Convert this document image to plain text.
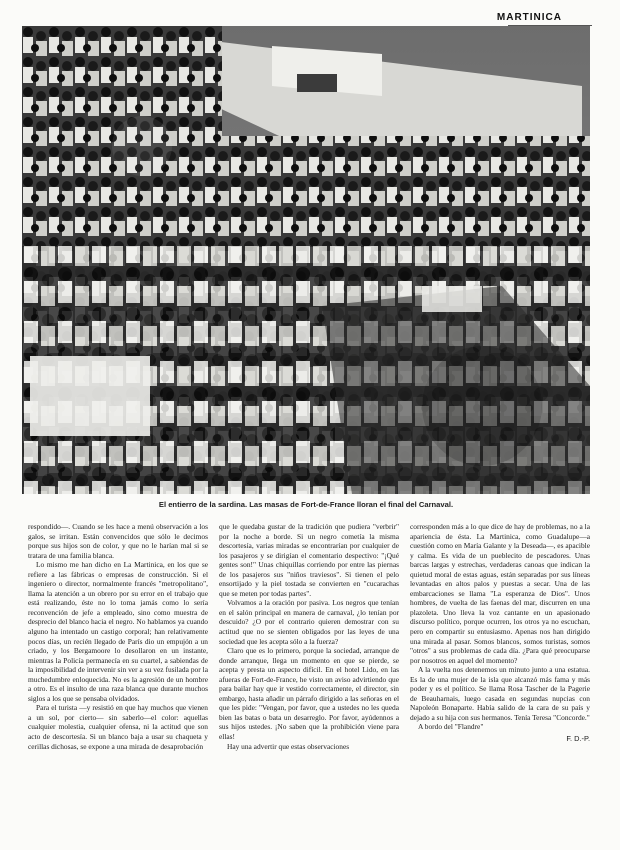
MARTINICA
El entierro de la sardina. Las masas de Fort-de-France lloran el final del Carnaval.

respondido—. Cuando se les hace a menú observación a los galos, se irritan. Están convencidos que sólo le decimos porque sus hijos son de color, y que no le harían mal si se tratara de una familia blanca.

Lo mismo me han dicho en La Martinica, en los que se refiere a las fábricas o empresas de construcción. Si el ingeniero o director, normalmente francés "metropolitano", llama la atención a un obrero por su error en el trabajo que está realizando, éste no lo toma jamás como lo sería reconvención de jefe a empleado, sino como muestra de desprecio del blanco hacia el negro. No hablamos ya cuando alguno ha intentado un castigo corporal; han relativamente pocos días, un recién llegado de París dio un empujón a un criado, y los Bergamoore lo desollaron en un instante, mientras la Policía permanecía en su cuartel, a sabiendas de la imposibilidad de intervenir sin ver a su vez fusilada por la muchedumbre enloquecida. No es la agresión de un hombre a otro. Es el insulto de una raza blanca que durante muchos siglos a los que se pensaba olvidados.

Para el turista —y resistió en que hay muchos que vienen a un sol, por cierto— sin saberlo—el color: aquellas cualquier molestia, cualquier ofensa, ni la actitud que son acto de descortesía. Si un blanco baja a usar su chaqueta y cerillas dichosas, se expone a una mirada de desaprobación

que le quedaba gustar de la tradición que pudiera "verbrir" por la noche a borde. Si un negro cometía la misma descortesía, varias miradas se encontrarían por cualquier de los pasajeros y se dirigían el comentario despectivo: "¡Qué gentes son!" Unas chiquillas corriendo por entre las piernas de los pasajeros sus "niños traviesos". Si tienen el pelo ensortijado y la piel tostada se convierten en "cucarachas que se meten por todas partes".

Volvamos a la oración por pasiva. Los negros que tenían en el salón principal en manera de carnaval, ¿lo tenían por descuido? ¿O por el contrario quieren demostrar con su actitud que no se sienten obligados por las leyes de una sociedad que les acepta sólo a la fuerza?

Claro que es lo primero, porque la sociedad, arranque de donde arranque, llega un momento en que se pierde, se acepta y presta un aspecto difícil. En el hotel Lido, en las afueras de Fort-de-France, he visto un aviso advirtiendo que para bailar hay que ir vestido correctamente, el director, sin embargo, hasta añadir un párrafo dirigido a las señoras en el que les pide: "Vengan, por favor, que a ustedes no les queda bien las batas o bata un desarreglo. Por favor, ayúdennos a sus hijos ustedes. ¡No saben que la prohibición viene para ellas!

Hay una advertir que estas observaciones

corresponden más a lo que dice de hay de problemas, no a la apariencia de ésta. La Martinica, como Guadalupe—a cuestión como en María Galante y la Deseada—, es apacible y calma. Es vida de un pueblecito de pescadores. Unas barcas largas y estrechas, verdaderas canoas que indican la quietud moral de estas aguas, están separadas por sus líneas levantadas en altos palos y puestas a secar. Una de las embarcaciones se llama "La esperanza de Dios". Unos hombres, de vuelta de las faenas del mar, discurren en una plazoleta. Uno lleva la voz cantante en un apasionado discurso político, porque ocurren, los otros ya no escuchan, pero en compartir su entusiasmo. Apenas nos han dirigido una mirada al pasar. Somos blancos, somos turistas, somos "otros" a sus problemas de cada día. ¿Para qué preocuparse por nosotros en aquel del momento?

A la vuelta nos detenemos un minuto junto a una estatua. Es la de una mujer de la isla que alcanzó más fama y más poder y es el político. Se llama Rosa Tascher de la Pagerie de Beauharnais, luego casada en segundas nupcias con Napoleón Bonaparte. Había salido de la cara de su país y dejado a su hija con sus hermanos. Tenía Teresa "Concorde."

A bordo del "Flandre"

F. D.-P.
